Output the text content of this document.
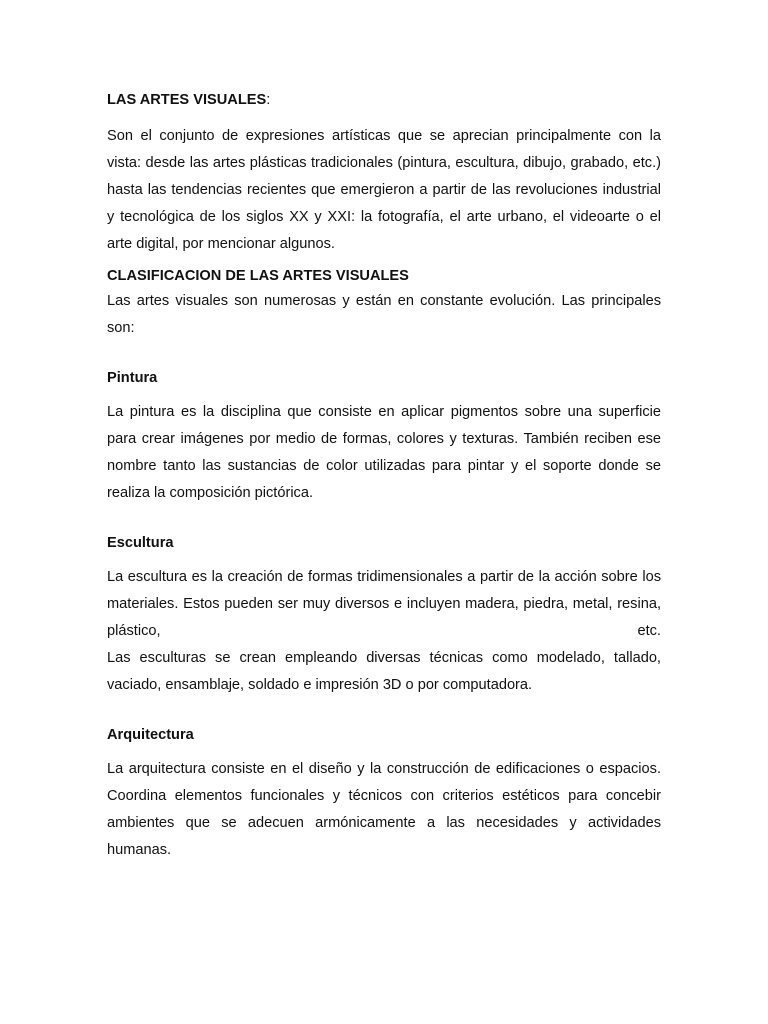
LAS ARTES VISUALES:

Son el conjunto de expresiones artísticas que se aprecian principalmente con la vista: desde las artes plásticas tradicionales (pintura, escultura, dibujo, grabado, etc.) hasta las tendencias recientes que emergieron a partir de las revoluciones industrial y tecnológica de los siglos XX y XXI: la fotografía, el arte urbano, el videoarte o el arte digital, por mencionar algunos.

CLASIFICACION DE LAS ARTES VISUALES

Las artes visuales son numerosas y están en constante evolución. Las principales son:

Pintura

La pintura es la disciplina que consiste en aplicar pigmentos sobre una superficie para crear imágenes por medio de formas, colores y texturas. También reciben ese nombre tanto las sustancias de color utilizadas para pintar y el soporte donde se realiza la composición pictórica.

Escultura

La escultura es la creación de formas tridimensionales a partir de la acción sobre los materiales. Estos pueden ser muy diversos e incluyen madera, piedra, metal, resina, plástico, etc.

Las esculturas se crean empleando diversas técnicas como modelado, tallado, vaciado, ensamblaje, soldado e impresión 3D o por computadora.

Arquitectura

La arquitectura consiste en el diseño y la construcción de edificaciones o espacios. Coordina elementos funcionales y técnicos con criterios estéticos para concebir ambientes que se adecuen armónicamente a las necesidades y actividades humanas.
